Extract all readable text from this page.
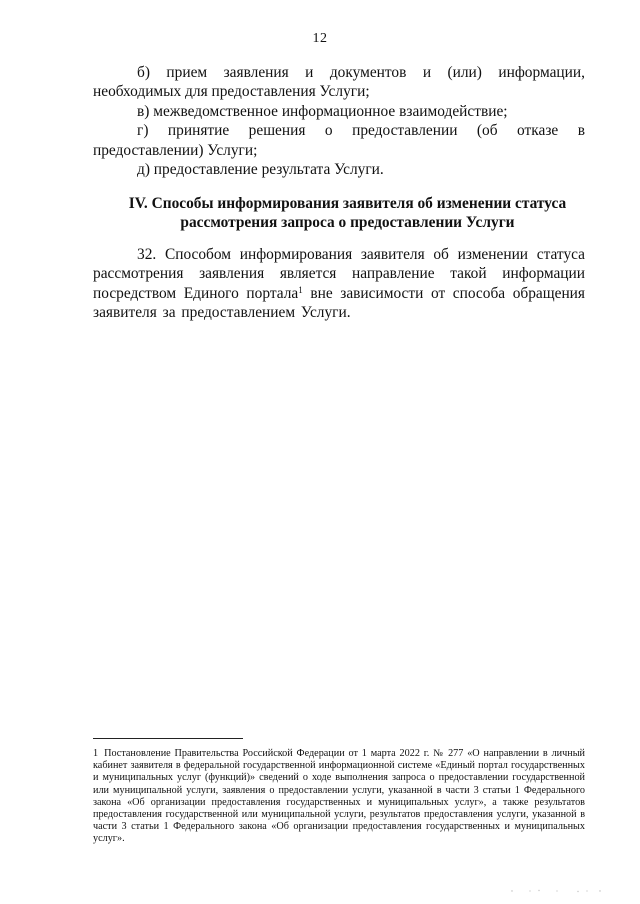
12

б) прием заявления и документов и (или) информации, необходимых для предоставления Услуги;

в) межведомственное информационное взаимодействие;

г) принятие решения о предоставлении (об отказе в предоставлении) Услуги;

д) предоставление результата Услуги.

IV. Способы информирования заявителя об изменении статуса
рассмотрения запроса о предоставлении Услуги

32. Способом информирования заявителя об изменении статуса рассмотрения заявления является направление такой информации посредством Единого портала$^1$ вне зависимости от способа обращения заявителя за предоставлением Услуги.

1 Постановление Правительства Российской Федерации от 1 марта 2022 г. № 277 «О направлении в личный кабинет заявителя в федеральной государственной информационной системе «Единый портал государственных и муниципальных услуг (функций)» сведений о ходе выполнения запроса о предоставлении государственной или муниципальной услуги, заявления о предоставлении услуги, указанной в части 3 статьи 1 Федерального закона «Об организации предоставления государственных и муниципальных услуг», а также результатов предоставления государственной или муниципальной услуги, результатов предоставления услуги, указанной в части 3 статьи 1 Федерального закона «Об организации предоставления государственных и муниципальных услуг».
